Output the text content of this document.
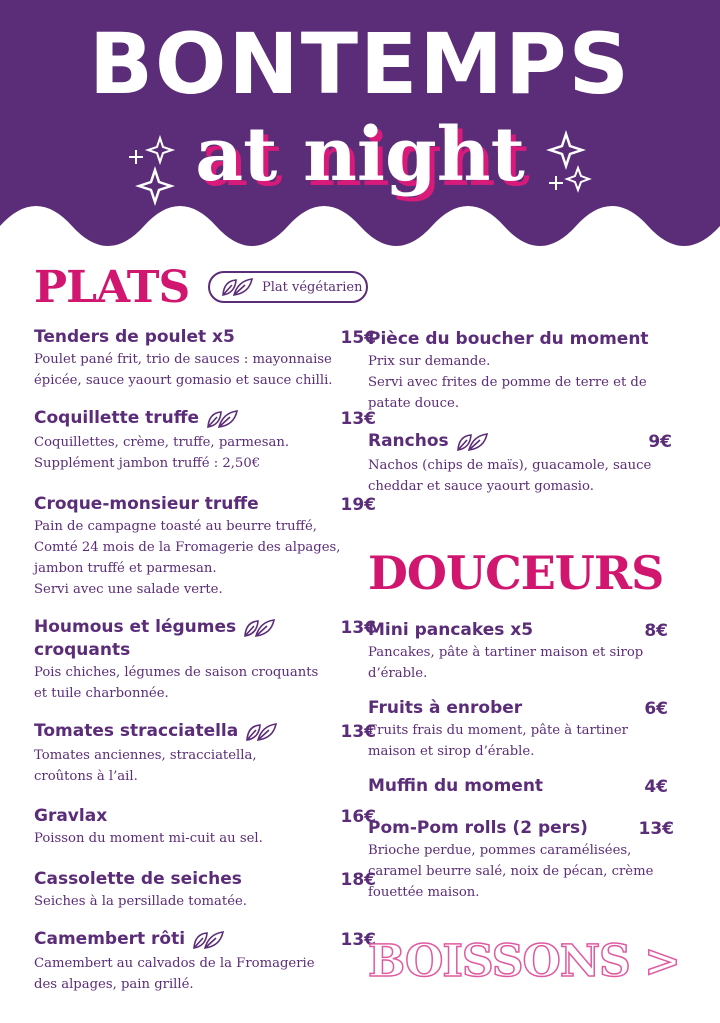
BONTEMPS
at night
PLATS	Plat végétarien
Tenders de poulet x5	15€
Poulet pané frit, trio de sauces : mayonnaise
épicée, sauce yaourt gomasio et sauce chilli.
Coquillette truffe	13€
Coquillettes, crème, truffe, parmesan.
Supplément jambon truffé : 2,50€
Croque-monsieur truffe	19€
Pain de campagne toasté au beurre truffé,
Comté 24 mois de la Fromagerie des alpages,
jambon truffé et parmesan.
Servi avec une salade verte.
Houmous et légumes	13€
croquants
Pois chiches, légumes de saison croquants
et tuile charbonnée.
Tomates stracciatella	13€
Tomates anciennes, stracciatella,
croûtons à l’ail.
Gravlax	16€
Poisson du moment mi-cuit au sel.
Cassolette de seiches	18€
Seiches à la persillade tomatée.
Camembert rôti	13€
Camembert au calvados de la Fromagerie
des alpages, pain grillé.
Pièce du boucher du moment
Prix sur demande.
Servi avec frites de pomme de terre et de
patate douce.
Ranchos	9€
Nachos (chips de maïs), guacamole, sauce
cheddar et sauce yaourt gomasio.
DOUCEURS
Mini pancakes x5	8€
Pancakes, pâte à tartiner maison et sirop
d’érable.
Fruits à enrober	6€
Fruits frais du moment, pâte à tartiner
maison et sirop d’érable.
Muffin du moment	4€
Pom-Pom rolls (2 pers)	13€
Brioche perdue, pommes caramélisées,
caramel beurre salé, noix de pécan, crème
fouettée maison.
BOISSONS >
